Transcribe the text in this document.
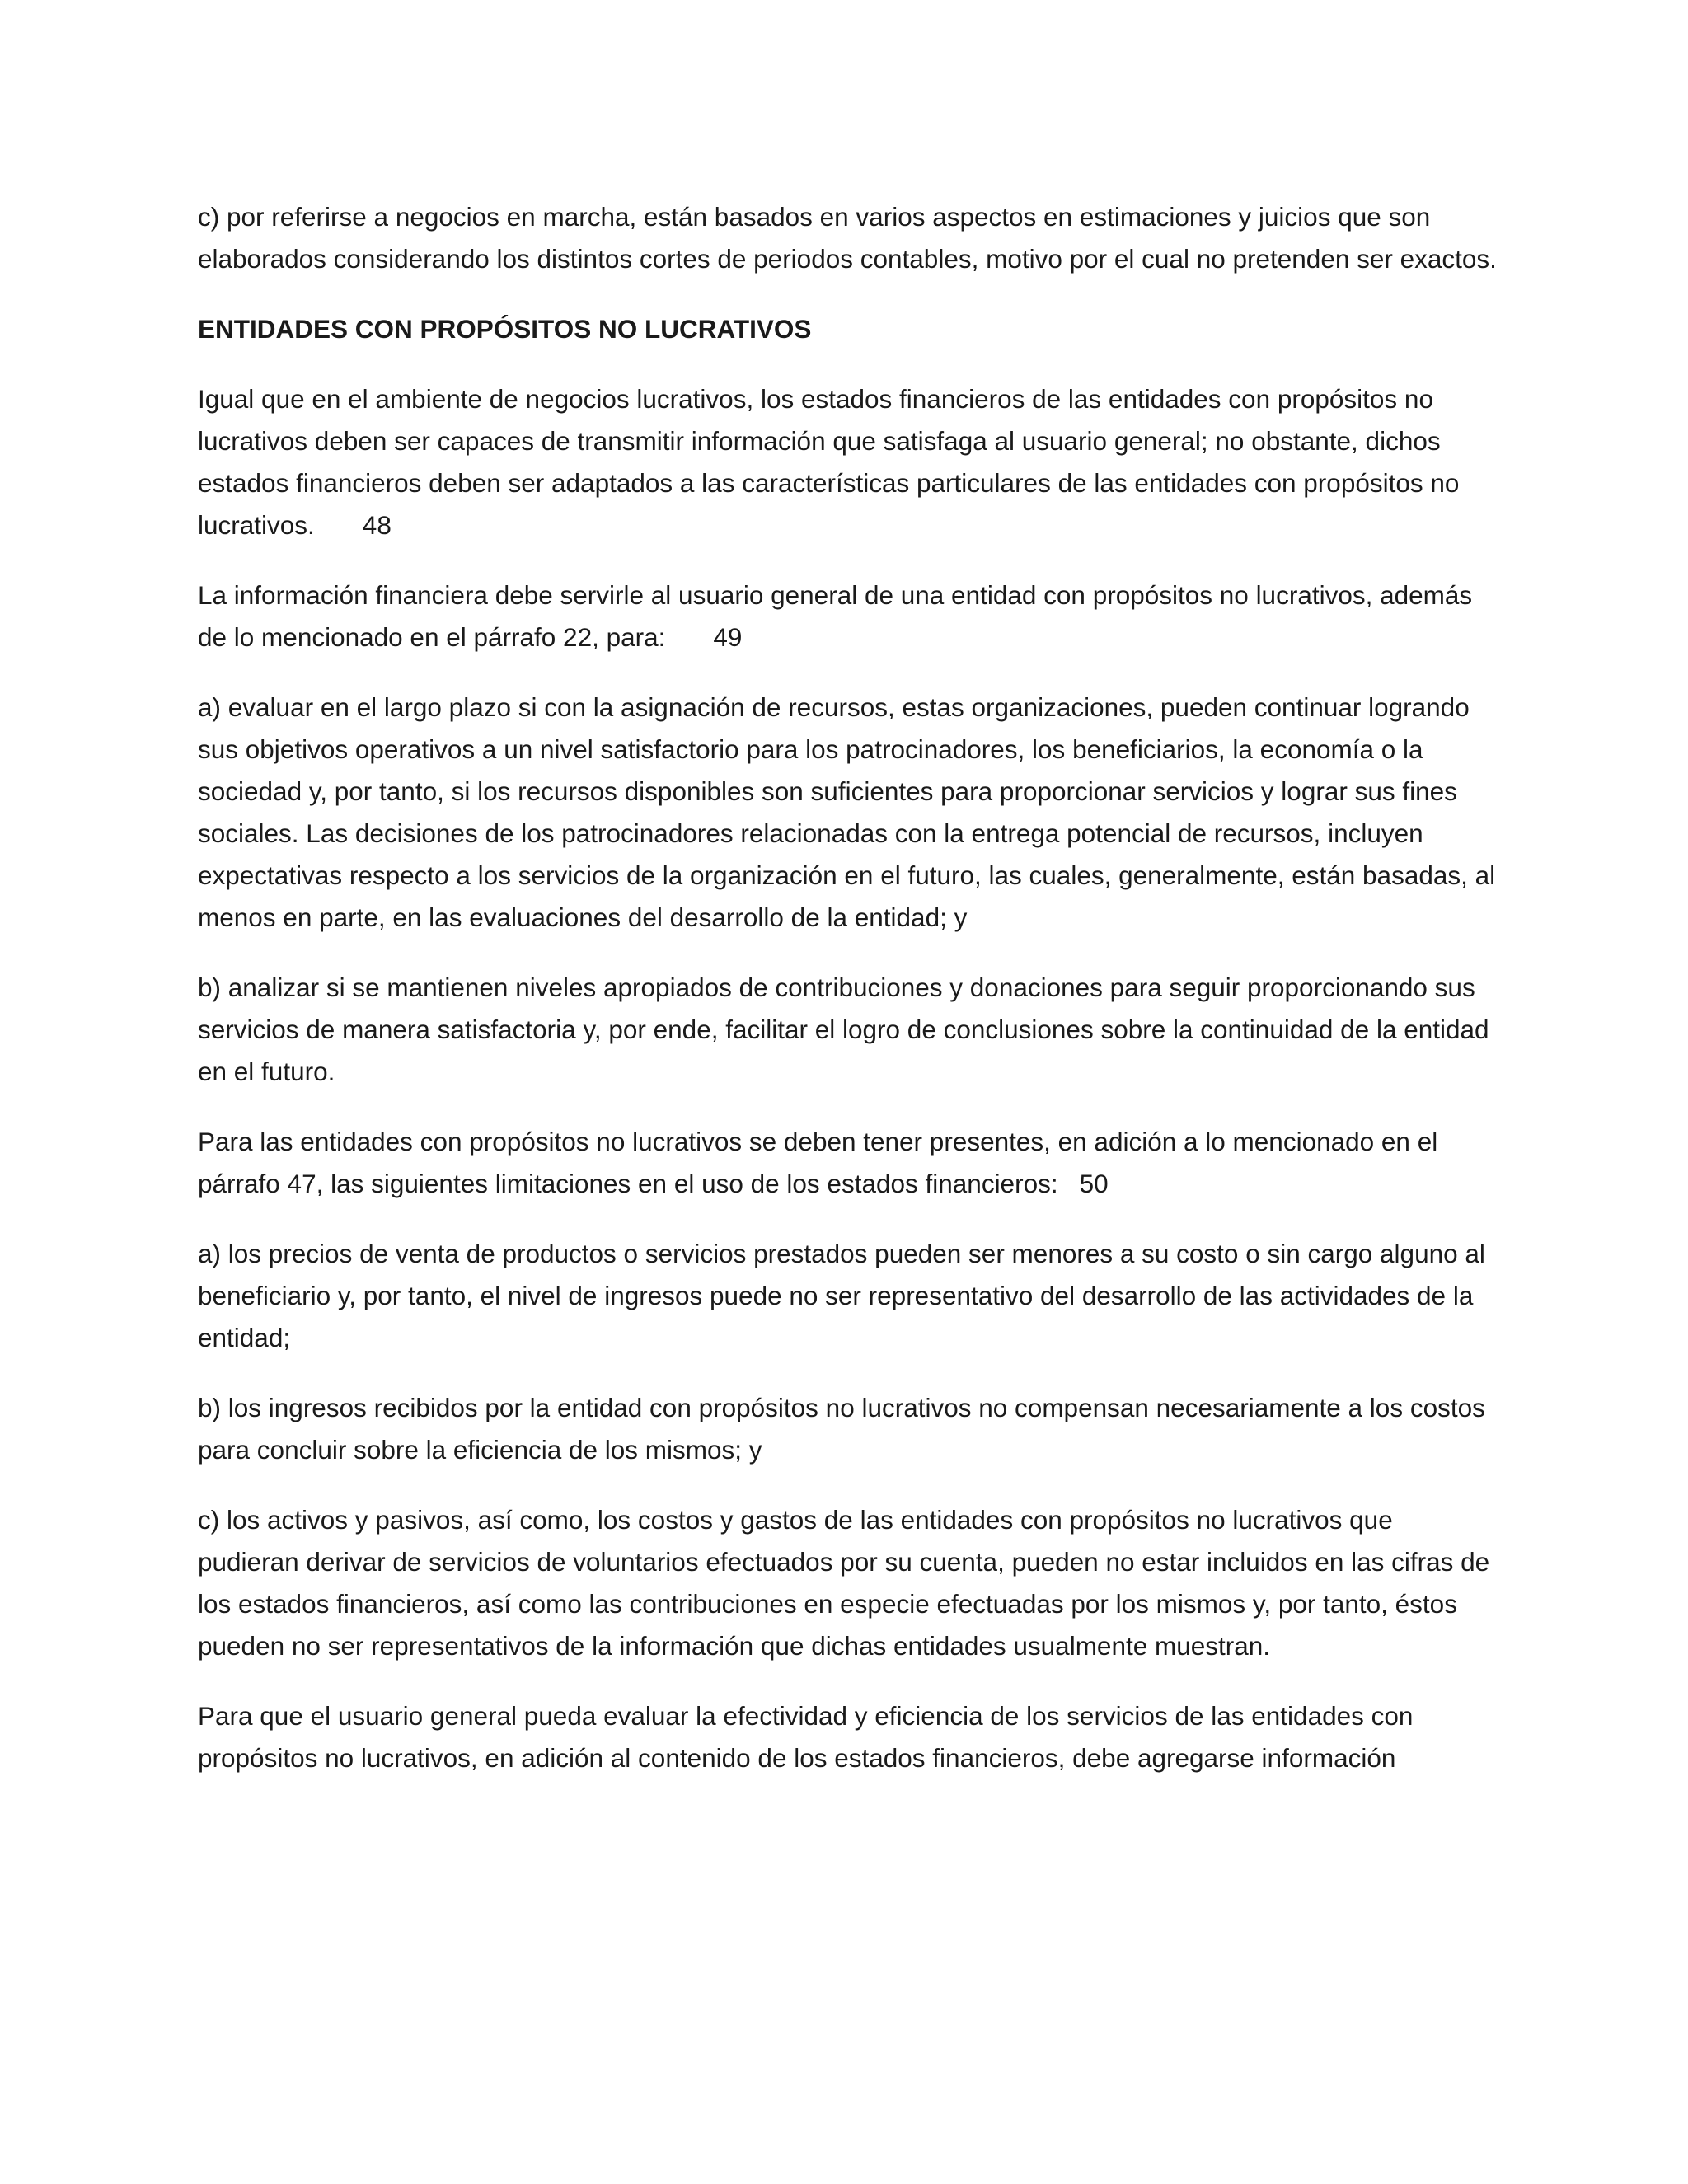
c) por referirse a negocios en marcha, están basados en varios aspectos en estimaciones y juicios que son elaborados considerando los distintos cortes de periodos contables, motivo por el cual no pretenden ser exactos.

ENTIDADES CON PROPÓSITOS NO LUCRATIVOS

Igual que en el ambiente de negocios lucrativos, los estados financieros de las entidades con propósitos no lucrativos deben ser capaces de transmitir información que satisfaga al usuario general; no obstante, dichos estados financieros deben ser adaptados a las características particulares de las entidades con propósitos no lucrativos. 48

La información financiera debe servirle al usuario general de una entidad con propósitos no lucrativos, además de lo mencionado en el párrafo 22, para: 49

a) evaluar en el largo plazo si con la asignación de recursos, estas organizaciones, pueden continuar logrando sus objetivos operativos a un nivel satisfactorio para los patrocinadores, los beneficiarios, la economía o la sociedad y, por tanto, si los recursos disponibles son suficientes para proporcionar servicios y lograr sus fines sociales. Las decisiones de los patrocinadores relacionadas con la entrega potencial de recursos, incluyen expectativas respecto a los servicios de la organización en el futuro, las cuales, generalmente, están basadas, al menos en parte, en las evaluaciones del desarrollo de la entidad; y

b) analizar si se mantienen niveles apropiados de contribuciones y donaciones para seguir proporcionando sus servicios de manera satisfactoria y, por ende, facilitar el logro de conclusiones sobre la continuidad de la entidad en el futuro.

Para las entidades con propósitos no lucrativos se deben tener presentes, en adición a lo mencionado en el párrafo 47, las siguientes limitaciones en el uso de los estados financieros: 50

a) los precios de venta de productos o servicios prestados pueden ser menores a su costo o sin cargo alguno al beneficiario y, por tanto, el nivel de ingresos puede no ser representativo del desarrollo de las actividades de la entidad;

b) los ingresos recibidos por la entidad con propósitos no lucrativos no compensan necesariamente a los costos para concluir sobre la eficiencia de los mismos; y

c) los activos y pasivos, así como, los costos y gastos de las entidades con propósitos no lucrativos que pudieran derivar de servicios de voluntarios efectuados por su cuenta, pueden no estar incluidos en las cifras de los estados financieros, así como las contribuciones en especie efectuadas por los mismos y, por tanto, éstos pueden no ser representativos de la información que dichas entidades usualmente muestran.

Para que el usuario general pueda evaluar la efectividad y eficiencia de los servicios de las entidades con propósitos no lucrativos, en adición al contenido de los estados financieros, debe agregarse información
